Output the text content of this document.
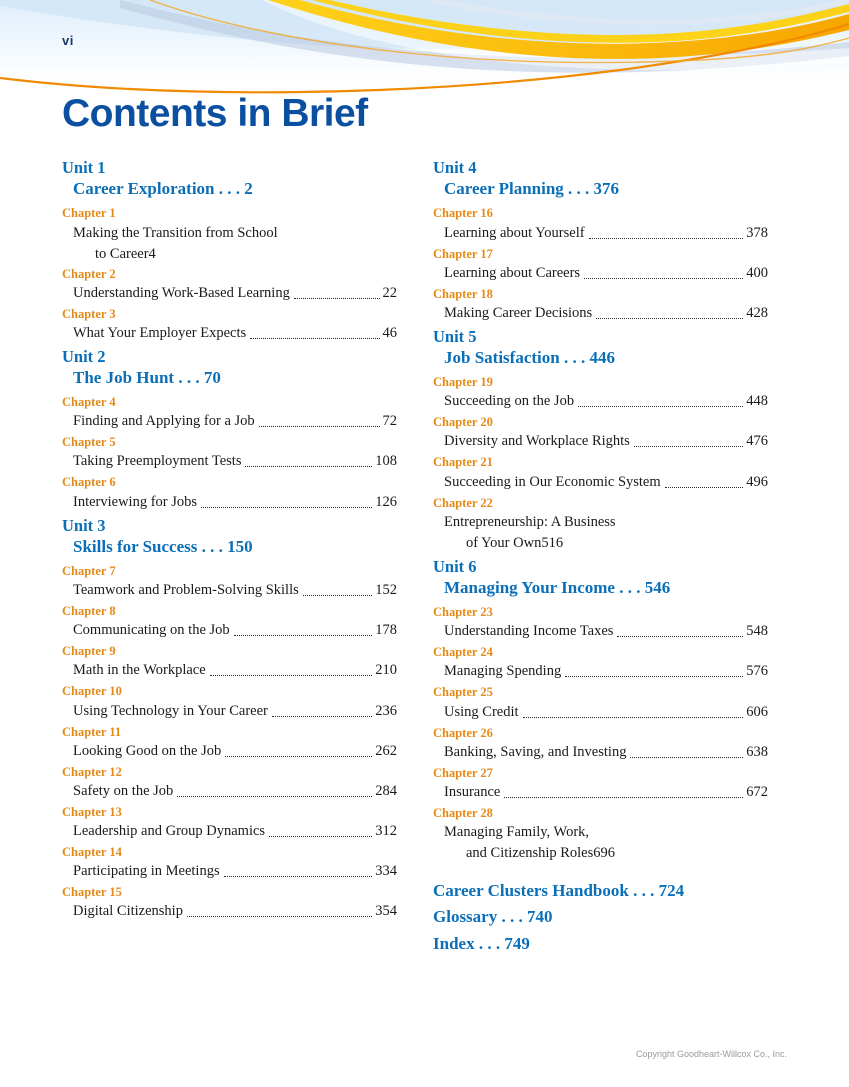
vi
Contents in Brief
Unit 1
Career Exploration . . . 2
Chapter 1
Making the Transition from School
to Career 4
Chapter 2
Understanding Work-Based Learning	22
Chapter 3
What Your Employer Expects	46
Unit 2
The Job Hunt . . . 70
Chapter 4
Finding and Applying for a Job	72
Chapter 5
Taking Preemployment Tests	108
Chapter 6
Interviewing for Jobs	126
Unit 3
Skills for Success . . . 150
Chapter 7
Teamwork and Problem-Solving Skills	152
Chapter 8
Communicating on the Job	178
Chapter 9
Math in the Workplace	210
Chapter 10
Using Technology in Your Career	236
Chapter 11
Looking Good on the Job	262
Chapter 12
Safety on the Job	284
Chapter 13
Leadership and Group Dynamics	312
Chapter 14
Participating in Meetings	334
Chapter 15
Digital Citizenship	354
Unit 4
Career Planning . . . 376
Chapter 16
Learning about Yourself	378
Chapter 17
Learning about Careers	400
Chapter 18
Making Career Decisions	428
Unit 5
Job Satisfaction . . . 446
Chapter 19
Succeeding on the Job	448
Chapter 20
Diversity and Workplace Rights	476
Chapter 21
Succeeding in Our Economic System	496
Chapter 22
Entrepreneurship: A Business
of Your Own 516
Unit 6
Managing Your Income . . . 546
Chapter 23
Understanding Income Taxes	548
Chapter 24
Managing Spending	576
Chapter 25
Using Credit	606
Chapter 26
Banking, Saving, and Investing	638
Chapter 27
Insurance	672
Chapter 28
Managing Family, Work,
and Citizenship Roles 696
Career Clusters Handbook . . . 724
Glossary . . . 740
Index . . . 749
Copyright Goodheart-Willcox Co., Inc.
